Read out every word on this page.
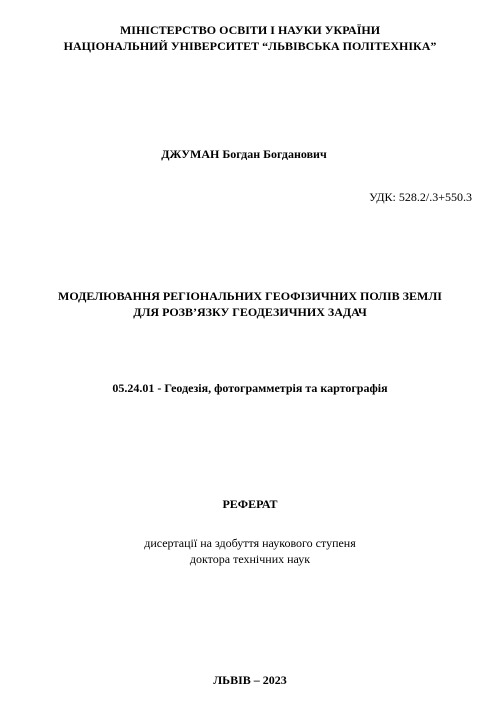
МІНІСТЕРСТВО ОСВІТИ І НАУКИ УКРАЇНИ
НАЦІОНАЛЬНИЙ УНІВЕРСИТЕТ “ЛЬВІВСЬКА ПОЛІТЕХНІКА”
ДЖУМАН Богдан Богданович
УДК: 528.2/.3+550.3
МОДЕЛЮВАННЯ РЕГІОНАЛЬНИХ ГЕОФІЗИЧНИХ ПОЛІВ ЗЕМЛІ
ДЛЯ РОЗВ’ЯЗКУ ГЕОДЕЗИЧНИХ ЗАДАЧ
05.24.01 - Геодезія, фотограмметрія та картографія
РЕФЕРАТ
дисертації на здобуття наукового ступеня
доктора технічних наук
ЛЬВІВ – 2023
